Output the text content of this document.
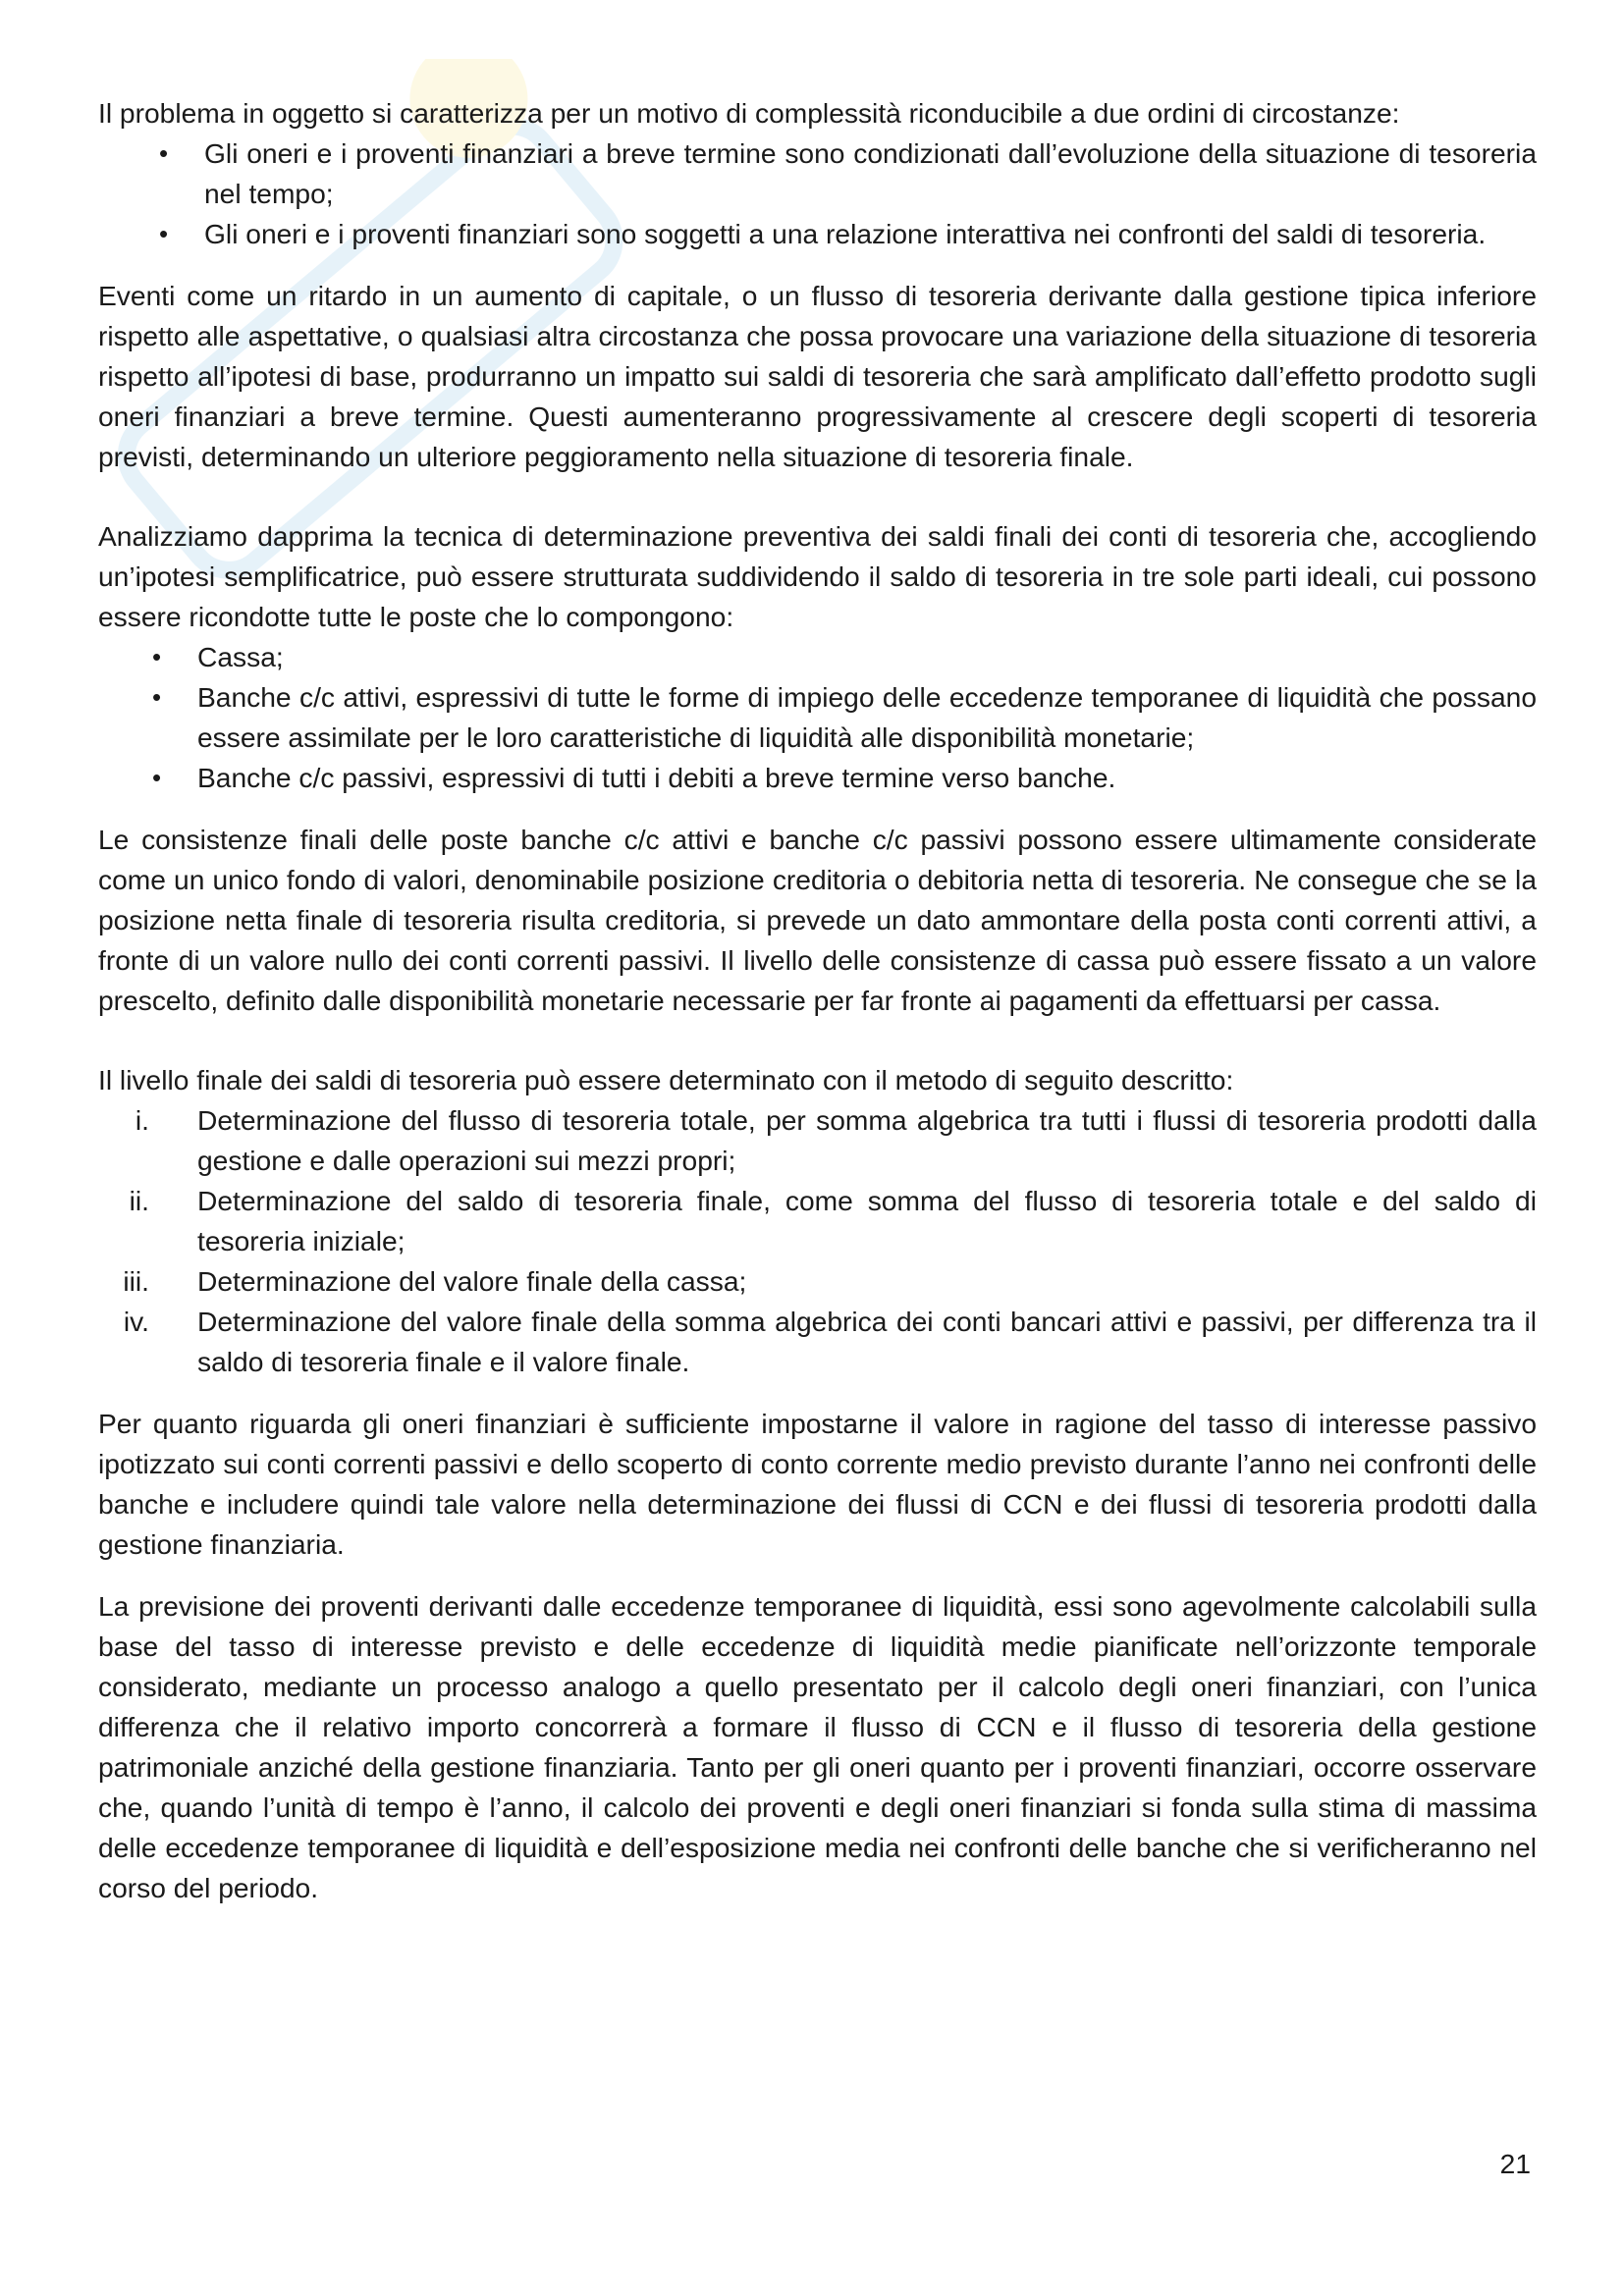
Il problema in oggetto si caratterizza per un motivo di complessità riconducibile a due ordini di circostanze:

• Gli oneri e i proventi finanziari a breve termine sono condizionati dall’evoluzione della situazione di tesoreria nel tempo;
• Gli oneri e i proventi finanziari sono soggetti a una relazione interattiva nei confronti del saldi di tesoreria.

Eventi come un ritardo in un aumento di capitale, o un flusso di tesoreria derivante dalla gestione tipica inferiore rispetto alle aspettative, o qualsiasi altra circostanza che possa provocare una variazione della situazione di tesoreria rispetto all’ipotesi di base, produrranno un impatto sui saldi di tesoreria che sarà amplificato dall’effetto prodotto sugli oneri finanziari a breve termine. Questi aumenteranno progressivamente al crescere degli scoperti di tesoreria previsti, determinando un ulteriore peggioramento nella situazione di tesoreria finale.

Analizziamo dapprima la tecnica di determinazione preventiva dei saldi finali dei conti di tesoreria che, accogliendo un’ipotesi semplificatrice, può essere strutturata suddividendo il saldo di tesoreria in tre sole parti ideali, cui possono essere ricondotte tutte le poste che lo compongono:

• Cassa;
• Banche c/c attivi, espressivi di tutte le forme di impiego delle eccedenze temporanee di liquidità che possano essere assimilate per le loro caratteristiche di liquidità alle disponibilità monetarie;
• Banche c/c passivi, espressivi di tutti i debiti a breve termine verso banche.

Le consistenze finali delle poste banche c/c attivi e banche c/c passivi possono essere ultimamente considerate come un unico fondo di valori, denominabile posizione creditoria o debitoria netta di tesoreria. Ne consegue che se la posizione netta finale di tesoreria risulta creditoria, si prevede un dato ammontare della posta conti correnti attivi, a fronte di un valore nullo dei conti correnti passivi. Il livello delle consistenze di cassa può essere fissato a un valore prescelto, definito dalle disponibilità monetarie necessarie per far fronte ai pagamenti da effettuarsi per cassa.

Il livello finale dei saldi di tesoreria può essere determinato con il metodo di seguito descritto:

i. Determinazione del flusso di tesoreria totale, per somma algebrica tra tutti i flussi di tesoreria prodotti dalla gestione e dalle operazioni sui mezzi propri;
ii. Determinazione del saldo di tesoreria finale, come somma del flusso di tesoreria totale e del saldo di tesoreria iniziale;
iii. Determinazione del valore finale della cassa;
iv. Determinazione del valore finale della somma algebrica dei conti bancari attivi e passivi, per differenza tra il saldo di tesoreria finale e il valore finale.

Per quanto riguarda gli oneri finanziari è sufficiente impostarne il valore in ragione del tasso di interesse passivo ipotizzato sui conti correnti passivi e dello scoperto di conto corrente medio previsto durante l’anno nei confronti delle banche e includere quindi tale valore nella determinazione dei flussi di CCN e dei flussi di tesoreria prodotti dalla gestione finanziaria.

La previsione dei proventi derivanti dalle eccedenze temporanee di liquidità, essi sono agevolmente calcolabili sulla base del tasso di interesse previsto e delle eccedenze di liquidità medie pianificate nell’orizzonte temporale considerato, mediante un processo analogo a quello presentato per il calcolo degli oneri finanziari, con l’unica differenza che il relativo importo concorrerà a formare il flusso di CCN e il flusso di tesoreria della gestione patrimoniale anziché della gestione finanziaria. Tanto per gli oneri quanto per i proventi finanziari, occorre osservare che, quando l’unità di tempo è l’anno, il calcolo dei proventi e degli oneri finanziari si fonda sulla stima di massima delle eccedenze temporanee di liquidità e dell’esposizione media nei confronti delle banche che si verificheranno nel corso del periodo.

21
